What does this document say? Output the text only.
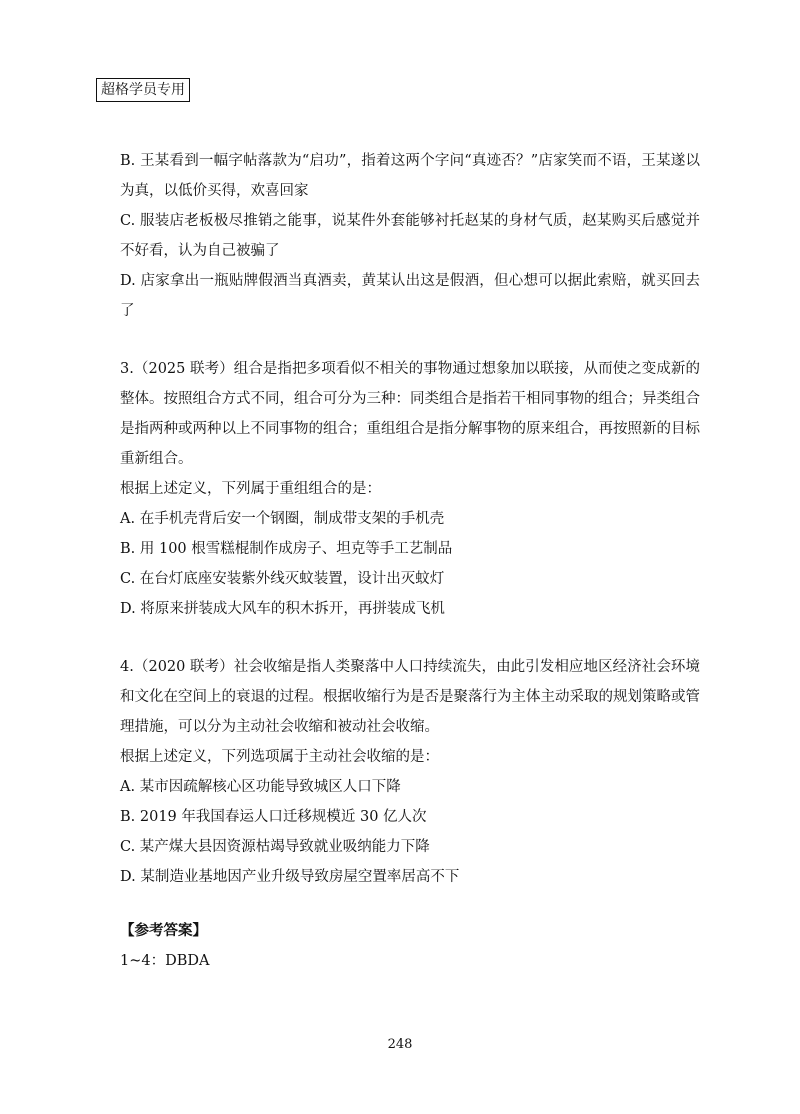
超格学员专用

B. 王某看到一幅字帖落款为“启功”，指着这两个字问“真迹否？”店家笑而不语，王某遂以为真，以低价买得，欢喜回家

C. 服装店老板极尽推销之能事，说某件外套能够衬托赵某的身材气质，赵某购买后感觉并不好看，认为自己被骗了

D. 店家拿出一瓶贴牌假酒当真酒卖，黄某认出这是假酒，但心想可以据此索赔，就买回去了

3.（2025 联考）组合是指把多项看似不相关的事物通过想象加以联接，从而使之变成新的整体。按照组合方式不同，组合可分为三种：同类组合是指若干相同事物的组合；异类组合是指两种或两种以上不同事物的组合；重组组合是指分解事物的原来组合，再按照新的目标重新组合。

根据上述定义，下列属于重组组合的是：

A. 在手机壳背后安一个钢圈，制成带支架的手机壳

B. 用 100 根雪糕棍制作成房子、坦克等手工艺制品

C. 在台灯底座安装紫外线灭蚊装置，设计出灭蚊灯

D. 将原来拼装成大风车的积木拆开，再拼装成飞机

4.（2020 联考）社会收缩是指人类聚落中人口持续流失，由此引发相应地区经济社会环境和文化在空间上的衰退的过程。根据收缩行为是否是聚落行为主体主动采取的规划策略或管理措施，可以分为主动社会收缩和被动社会收缩。

根据上述定义，下列选项属于主动社会收缩的是：

A. 某市因疏解核心区功能导致城区人口下降

B. 2019 年我国春运人口迁移规模近 30 亿人次

C. 某产煤大县因资源枯竭导致就业吸纳能力下降

D. 某制造业基地因产业升级导致房屋空置率居高不下

【参考答案】

1~4：DBDA

248
